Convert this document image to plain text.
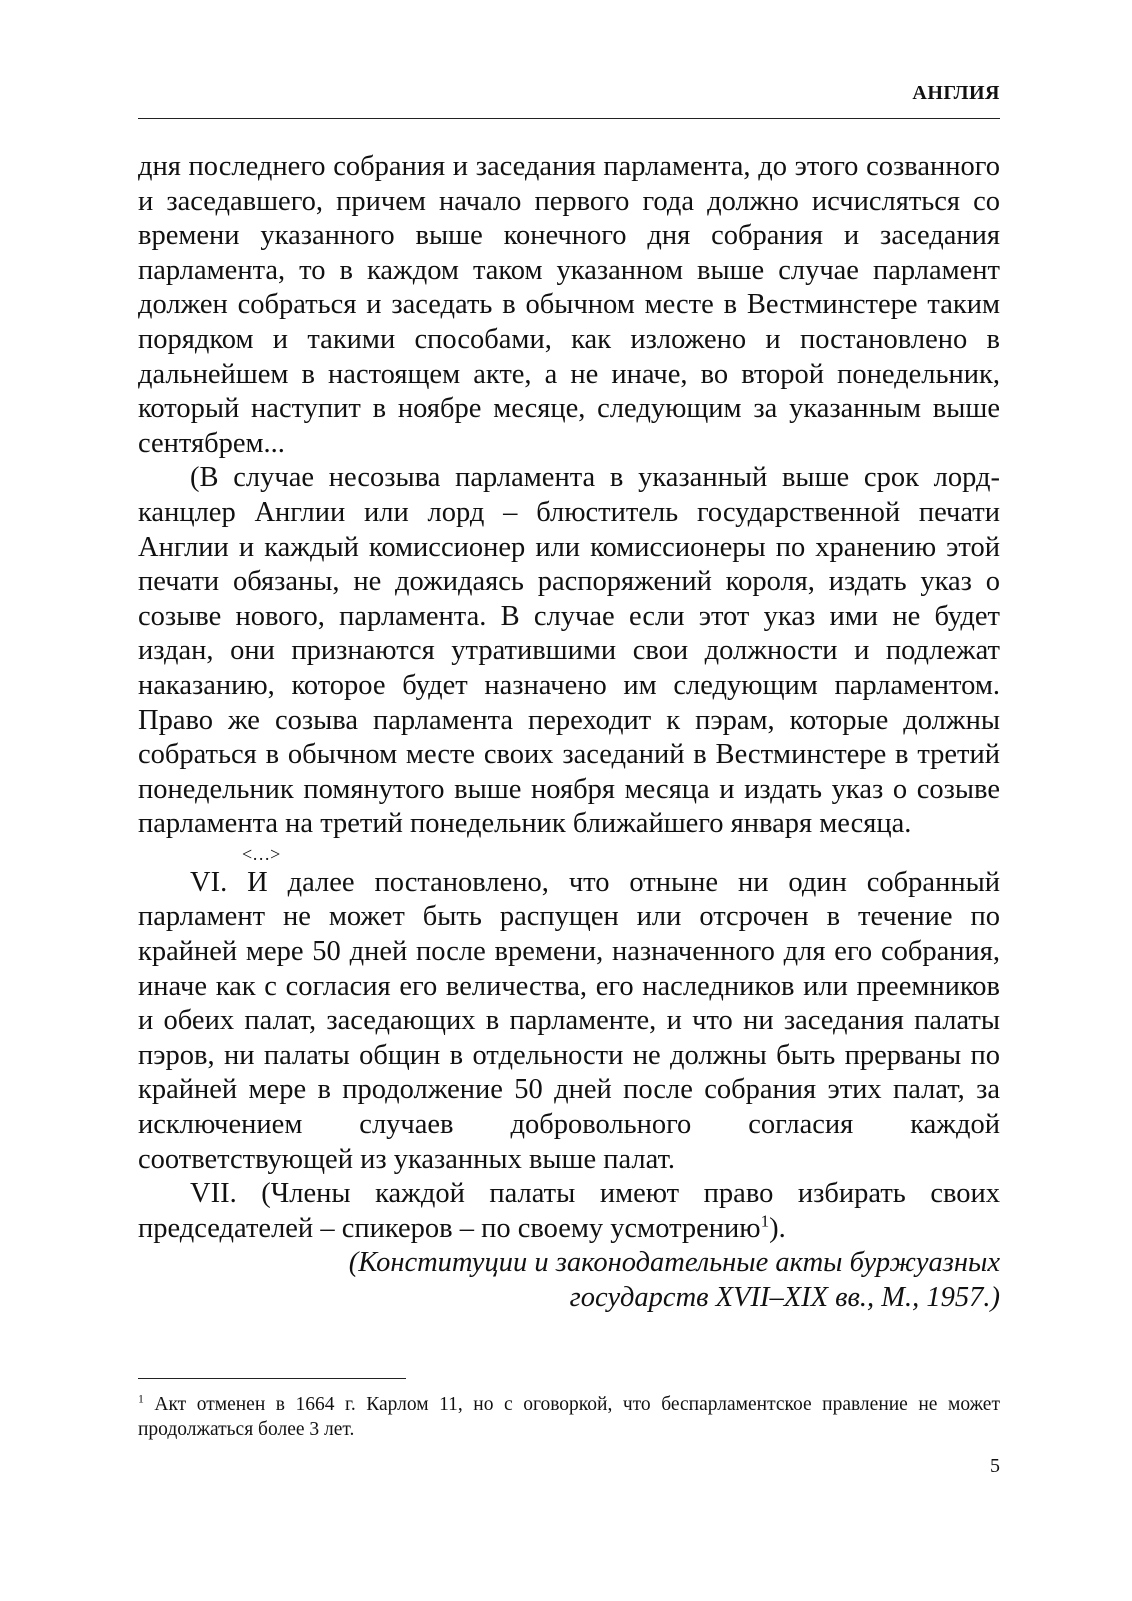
АНГЛИЯ

дня последнего собрания и заседания парламента, до этого созванного и заседавшего, причем начало первого года должно исчисляться со времени указанного выше конечного дня собрания и заседания парламента, то в каждом таком указанном выше случае парламент должен собраться и заседать в обычном месте в Вестминстере таким порядком и такими способами, как изложено и постановлено в дальнейшем в настоящем акте, а не иначе, во второй понедельник, который наступит в ноябре месяце, следующим за указанным выше сентябрем...

(В случае несозыва парламента в указанный выше срок лорд-канцлер Англии или лорд – блюститель государственной печати Англии и каждый комиссионер или комиссионеры по хранению этой печати обязаны, не дожидаясь распоряжений короля, издать указ о созыве нового, парламента. В случае если этот указ ими не будет издан, они признаются утратившими свои должности и подлежат наказанию, которое будет назначено им следующим парламентом. Право же созыва парламента переходит к пэрам, которые должны собраться в обычном месте своих заседаний в Вестминстере в третий понедельник помянутого выше ноября месяца и издать указ о созыве парламента на третий понедельник ближайшего января месяца.

<…>

VI. И далее постановлено, что отныне ни один собранный парламент не может быть распущен или отсрочен в течение по крайней мере 50 дней после времени, назначенного для его собрания, иначе как с согласия его величества, его наследников или преемников и обеих палат, заседающих в парламенте, и что ни заседания палаты пэров, ни палаты общин в отдельности не должны быть прерваны по крайней мере в продолжение 50 дней после собрания этих палат, за исключением случаев добровольного согласия каждой соответствующей из указанных выше палат.

VII. (Члены каждой палаты имеют право избирать своих председателей – спикеров – по своему усмотрению$^1$).

(Конституции и законодательные акты буржуазных
государств XVII–XIX вв., М., 1957.)

$^1$ Акт отменен в 1664 г. Карлом 11, но с оговоркой, что беспарламентское правление не может продолжаться более 3 лет.
5
